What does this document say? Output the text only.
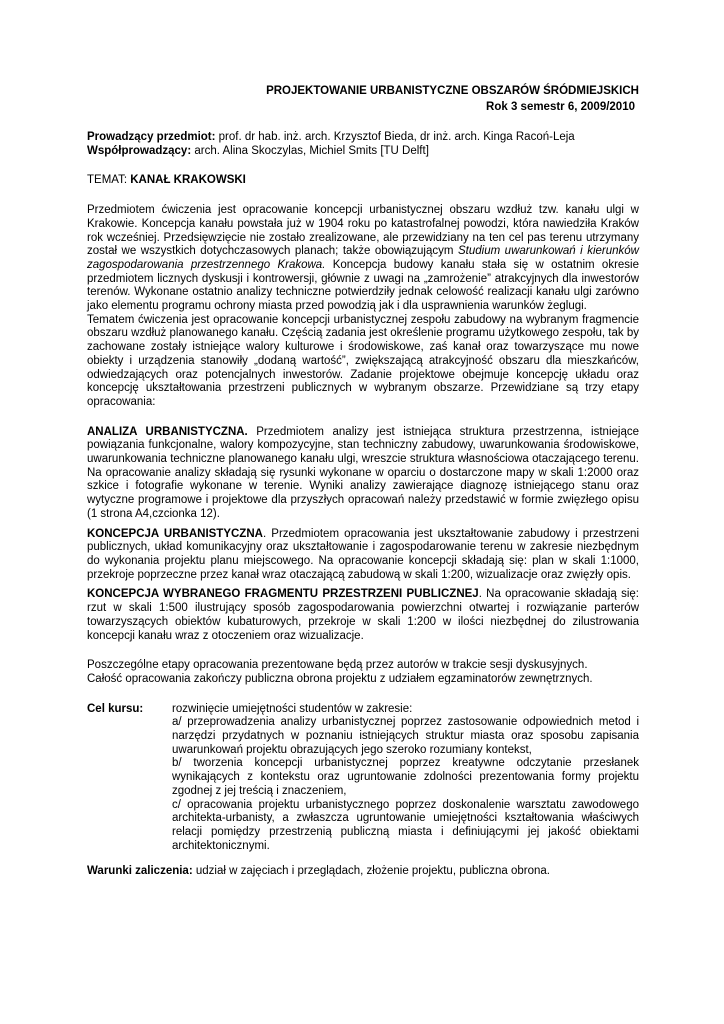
PROJEKTOWANIE URBANISTYCZNE OBSZARÓW ŚRÓDMIEJSKICH
Rok 3 semestr 6, 2009/2010
Prowadzący przedmiot: prof. dr hab. inż. arch. Krzysztof Bieda, dr inż. arch. Kinga Racoń-Leja
Współprowadzący: arch. Alina Skoczylas, Michiel Smits [TU Delft]
TEMAT: KANAŁ KRAKOWSKI

Przedmiotem ćwiczenia jest opracowanie koncepcji urbanistycznej obszaru wzdłuż tzw. kanału ulgi w Krakowie. Koncepcja kanału powstała już w 1904 roku po katastrofalnej powodzi, która nawiedziła Kraków rok wcześniej. Przedsięwzięcie nie zostało zrealizowane, ale przewidziany na ten cel pas terenu utrzymany został we wszystkich dotychczasowych planach; także obowiązującym Studium uwarunkowań i kierunków zagospodarowania przestrzennego Krakowa. Koncepcja budowy kanału stała się w ostatnim okresie przedmiotem licznych dyskusji i kontrowersji, głównie z uwagi na „zamrożenie” atrakcyjnych dla inwestorów terenów. Wykonane ostatnio analizy techniczne potwierdziły jednak celowość realizacji kanału ulgi zarówno jako elementu programu ochrony miasta przed powodzią jak i dla usprawnienia warunków żeglugi.

Tematem ćwiczenia jest opracowanie koncepcji urbanistycznej zespołu zabudowy na wybranym fragmencie obszaru wzdłuż planowanego kanału. Częścią zadania jest określenie programu użytkowego zespołu, tak by zachowane zostały istniejące walory kulturowe i środowiskowe, zaś kanał oraz towarzyszące mu nowe obiekty i urządzenia stanowiły „dodaną wartość”, zwiększającą atrakcyjność obszaru dla mieszkańców, odwiedzających oraz potencjalnych inwestorów. Zadanie projektowe obejmuje koncepcję układu oraz koncepcję ukształtowania przestrzeni publicznych w wybranym obszarze. Przewidziane są trzy etapy opracowania:

ANALIZA URBANISTYCZNA. Przedmiotem analizy jest istniejąca struktura przestrzenna, istniejące powiązania funkcjonalne, walory kompozycyjne, stan techniczny zabudowy, uwarunkowania środowiskowe, uwarunkowania techniczne planowanego kanału ulgi, wreszcie struktura własnościowa otaczającego terenu. Na opracowanie analizy składają się rysunki wykonane w oparciu o dostarczone mapy w skali 1:2000 oraz szkice i fotografie wykonane w terenie. Wyniki analizy zawierające diagnozę istniejącego stanu oraz wytyczne programowe i projektowe dla przyszłych opracowań należy przedstawić w formie zwięzłego opisu (1 strona A4,czcionka 12).

KONCEPCJA URBANISTYCZNA. Przedmiotem opracowania jest ukształtowanie zabudowy i przestrzeni publicznych, układ komunikacyjny oraz ukształtowanie i zagospodarowanie terenu w zakresie niezbędnym do wykonania projektu planu miejscowego. Na opracowanie koncepcji składają się: plan w skali 1:1000, przekroje poprzeczne przez kanał wraz otaczającą zabudową w skali 1:200, wizualizacje oraz zwięzły opis.

KONCEPCJA WYBRANEGO FRAGMENTU PRZESTRZENI PUBLICZNEJ. Na opracowanie składają się: rzut w skali 1:500 ilustrujący sposób zagospodarowania powierzchni otwartej i rozwiązanie parterów towarzyszących obiektów kubaturowych, przekroje w skali 1:200 w ilości niezbędnej do zilustrowania koncepcji kanału wraz z otoczeniem oraz wizualizacje.

Poszczególne etapy opracowania prezentowane będą przez autorów w trakcie sesji dyskusyjnych.
Całość opracowania zakończy publiczna obrona projektu z udziałem egzaminatorów zewnętrznych.
Cel kursu:	rozwinięcie umiejętności studentów w zakresie:

a/ przeprowadzenia analizy urbanistycznej poprzez zastosowanie odpowiednich metod i narzędzi przydatnych w poznaniu istniejących struktur miasta oraz sposobu zapisania uwarunkowań projektu obrazujących jego szeroko rozumiany kontekst,

b/ tworzenia koncepcji urbanistycznej poprzez kreatywne odczytanie przesłanek wynikających z kontekstu oraz ugruntowanie zdolności prezentowania formy projektu zgodnej z jej treścią i znaczeniem,

c/ opracowania projektu urbanistycznego poprzez doskonalenie warsztatu zawodowego architekta-urbanisty, a zwłaszcza ugruntowanie umiejętności kształtowania właściwych relacji pomiędzy przestrzenią publiczną miasta i definiującymi jej jakość obiektami architektonicznymi.

Warunki zaliczenia: udział w zajęciach i przeglądach, złożenie projektu, publiczna obrona.
